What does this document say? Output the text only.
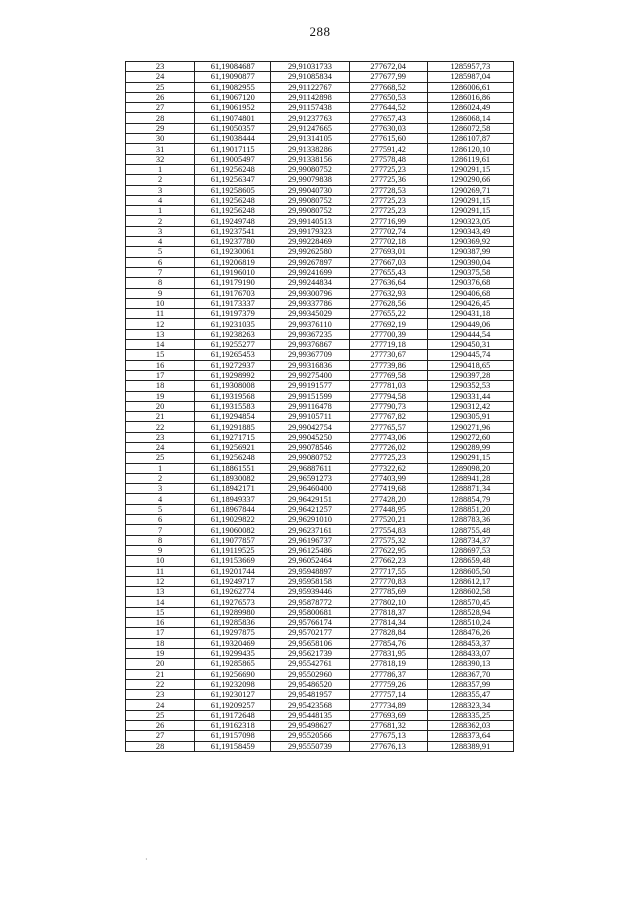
288
23	61,19084687	29,91031733	277672,04	1285957,73
24	61,19090877	29,91085834	277677,99	1285987,04
25	61,19082955	29,91122767	277668,52	1286006,61
26	61,19067120	29,91142898	277650,53	1286016,86
27	61,19061952	29,91157438	277644,52	1286024,49
28	61,19074801	29,91237763	277657,43	1286068,14
29	61,19050357	29,91247665	277630,03	1286072,58
30	61,19038444	29,91314105	277615,60	1286107,87
31	61,19017115	29,91338286	277591,42	1286120,10
32	61,19005497	29,91338156	277578,48	1286119,61
1	61,19256248	29,99080752	277725,23	1290291,15
2	61,19256347	29,99079838	277725,36	1290290,66
3	61,19258605	29,99040730	277728,53	1290269,71
4	61,19256248	29,99080752	277725,23	1290291,15
1	61,19256248	29,99080752	277725,23	1290291,15
2	61,19249748	29,99140513	277716,99	1290323,05
3	61,19237541	29,99179323	277702,74	1290343,49
4	61,19237780	29,99228469	277702,18	1290369,92
5	61,19230061	29,99262580	277693,01	1290387,99
6	61,19206819	29,99267897	277667,03	1290390,04
7	61,19196010	29,99241699	277655,43	1290375,58
8	61,19179190	29,99244834	277636,64	1290376,68
9	61,19176703	29,99300796	277632,93	1290406,68
10	61,19173337	29,99337786	277628,56	1290426,45
11	61,19197379	29,99345029	277655,22	1290431,18
12	61,19231035	29,99376110	277692,19	1290449,06
13	61,19238263	29,99367235	277700,39	1290444,54
14	61,19255277	29,99376867	277719,18	1290450,31
15	61,19265453	29,99367709	277730,67	1290445,74
16	61,19272937	29,99316836	277739,86	1290418,65
17	61,19298992	29,99275400	277769,58	1290397,28
18	61,19308008	29,99191577	277781,03	1290352,53
19	61,19319568	29,99151599	277794,58	1290331,44
20	61,19315583	29,99116478	277790,73	1290312,42
21	61,19294854	29,99105711	277767,82	1290305,91
22	61,19291885	29,99042754	277765,57	1290271,96
23	61,19271715	29,99045250	277743,06	1290272,60
24	61,19256921	29,99078546	277726,02	1290289,99
25	61,19256248	29,99080752	277725,23	1290291,15
1	61,18861551	29,96887611	277322,62	1289098,20
2	61,18930082	29,96591273	277403,99	1288941,28
3	61,18942171	29,96460400	277419,68	1288871,34
4	61,18949337	29,96429151	277428,20	1288854,79
5	61,18967844	29,96421257	277448,95	1288851,20
6	61,19029822	29,96291010	277520,21	1288783,36
7	61,19060082	29,96237161	277554,83	1288755,48
8	61,19077857	29,96196737	277575,32	1288734,37
9	61,19119525	29,96125486	277622,95	1288697,53
10	61,19153669	29,96052464	277662,23	1288659,48
11	61,19201744	29,95948897	277717,55	1288605,50
12	61,19249717	29,95958158	277770,83	1288612,17
13	61,19262774	29,95939446	277785,69	1288602,58
14	61,19276573	29,95878772	277802,10	1288570,45
15	61,19289980	29,95800681	277818,37	1288528,94
16	61,19285836	29,95766174	277814,34	1288510,24
17	61,19297875	29,95702177	277828,84	1288476,26
18	61,19320469	29,95658106	277854,76	1288453,37
19	61,19299435	29,95621739	277831,95	1288433,07
20	61,19285865	29,95542761	277818,19	1288390,13
21	61,19256690	29,95502960	277786,37	1288367,70
22	61,19232098	29,95486520	277759,26	1288357,99
23	61,19230127	29,95481957	277757,14	1288355,47
24	61,19209257	29,95423568	277734,89	1288323,34
25	61,19172648	29,95448135	277693,69	1288335,25
26	61,19162318	29,95498627	277681,32	1288362,03
27	61,19157098	29,95520566	277675,13	1288373,64
28	61,19158459	29,95550739	277676,13	1288389,91
·
